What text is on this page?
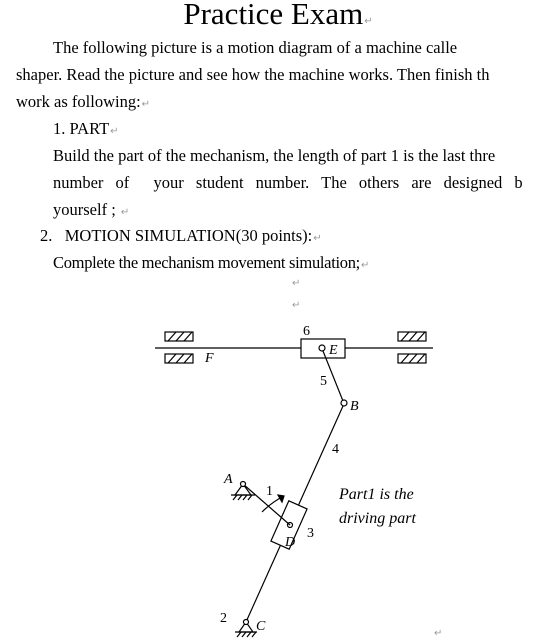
Practice Exam↵
The following picture is a motion diagram of a machine calle
shaper. Read the picture and see how the machine works. Then finish th
work as following:↵
1. PART↵
Build the part of the mechanism, the length of part 1 is the last thre
number of  your student number. The others are designed b
yourself ; ↵
2.   MOTION SIMULATION(30 points):↵
Complete the mechanism movement simulation;↵
↵
↵
↵
6
E
F
5
B
4
A
1
D
3
2
C
Part1 is the
driving part
